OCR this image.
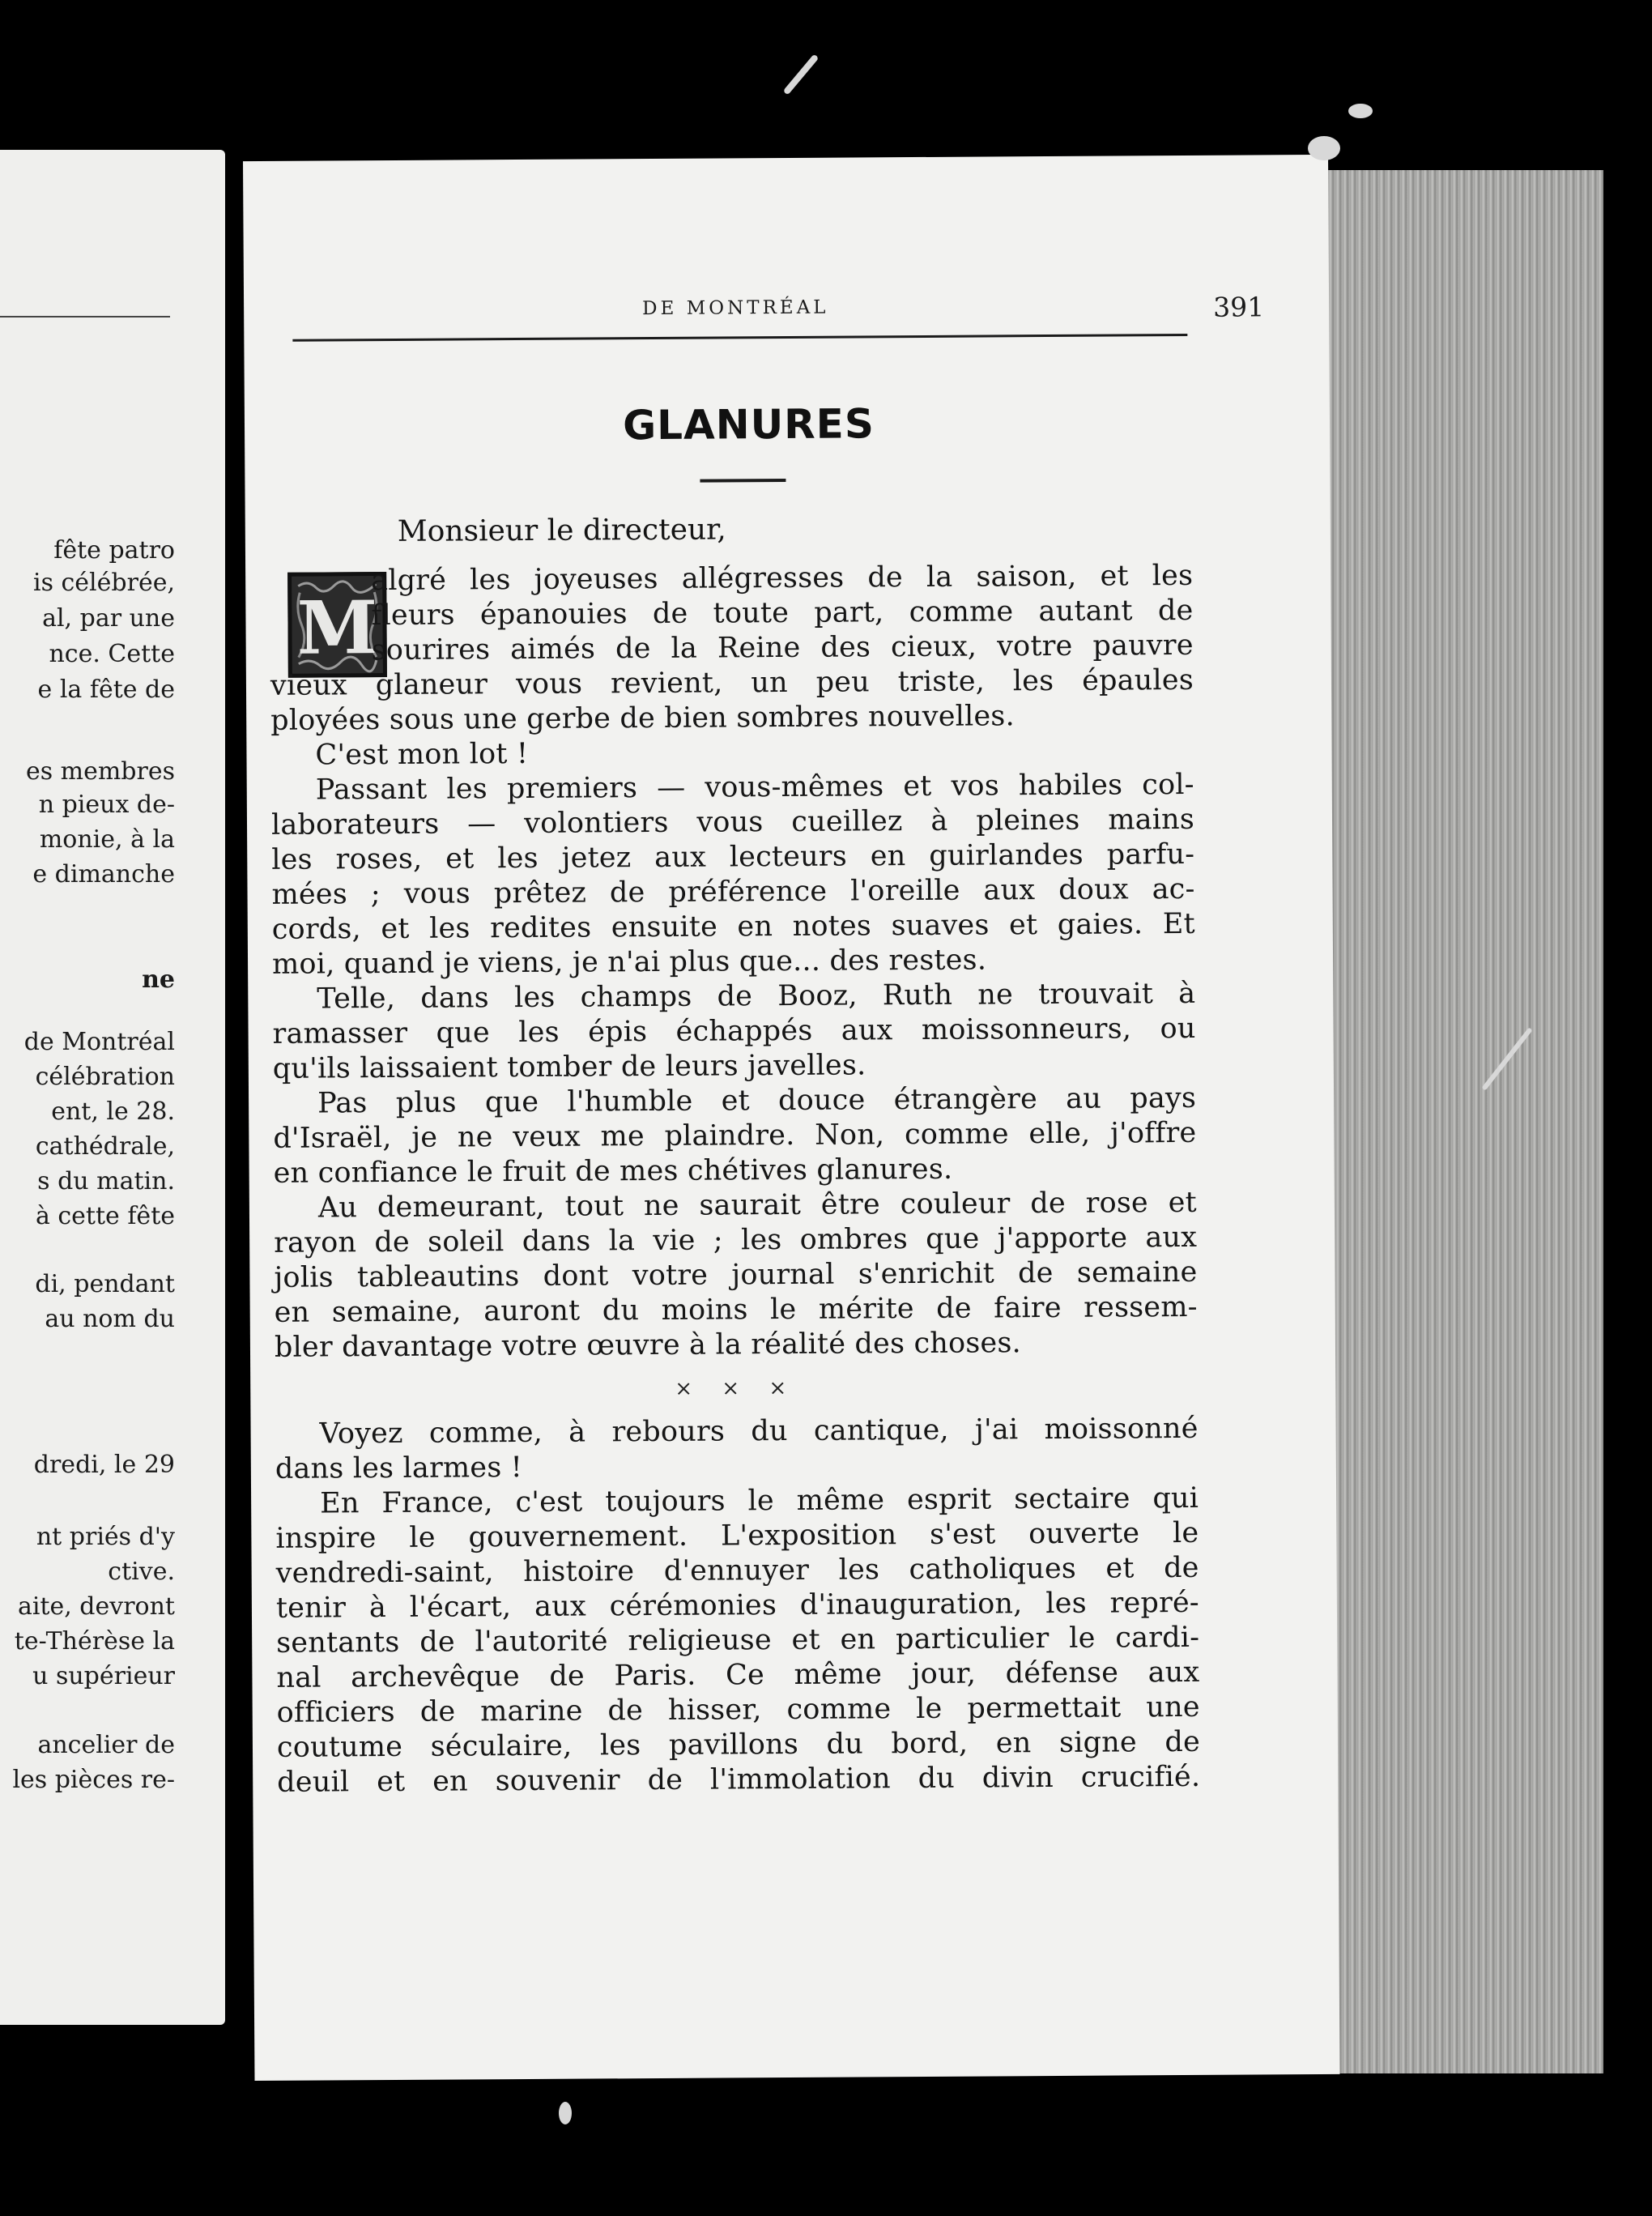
fête patro
is célébrée,
al, par une
nce. Cette
e la fête de
es membres
n pieux de-
monie, à la
e dimanche
ne
de Montréal
célébration
ent, le 28.
cathédrale,
s du matin.
à cette fête
di, pendant
au nom du
dredi, le 29
nt priés d'y
ctive.
aite, devront
te-Thérèse la
u supérieur
ancelier de
les pièces re-
DE MONTRÉAL	391
GLANURES
Monsieur le directeur,
M
algré les joyeuses allégresses de la saison, et les
fleurs épanouies de toute part, comme autant de
sourires aimés de la Reine des cieux, votre pauvre
vieux glaneur vous revient, un peu triste, les épaules
ployées sous une gerbe de bien sombres nouvelles.
C'est mon lot !
Passant les premiers — vous-mêmes et vos habiles col-
laborateurs — volontiers vous cueillez à pleines mains
les roses, et les jetez aux lecteurs en guirlandes parfu-
mées ; vous prêtez de préférence l'oreille aux doux ac-
cords, et les redites ensuite en notes suaves et gaies. Et
moi, quand je viens, je n'ai plus que... des restes.
Telle, dans les champs de Booz, Ruth ne trouvait à
ramasser que les épis échappés aux moissonneurs, ou
qu'ils laissaient tomber de leurs javelles.
Pas plus que l'humble et douce étrangère au pays
d'Israël, je ne veux me plaindre. Non, comme elle, j'offre
en confiance le fruit de mes chétives glanures.
Au demeurant, tout ne saurait être couleur de rose et
rayon de soleil dans la vie ; les ombres que j'apporte aux
jolis tableautins dont votre journal s'enrichit de semaine
en semaine, auront du moins le mérite de faire ressem-
bler davantage votre œuvre à la réalité des choses.
× × ×
Voyez comme, à rebours du cantique, j'ai moissonné
dans les larmes !
En France, c'est toujours le même esprit sectaire qui
inspire le gouvernement. L'exposition s'est ouverte le
vendredi-saint, histoire d'ennuyer les catholiques et de
tenir à l'écart, aux cérémonies d'inauguration, les repré-
sentants de l'autorité religieuse et en particulier le cardi-
nal archevêque de Paris. Ce même jour, défense aux
officiers de marine de hisser, comme le permettait une
coutume séculaire, les pavillons du bord, en signe de
deuil et en souvenir de l'immolation du divin crucifié.
